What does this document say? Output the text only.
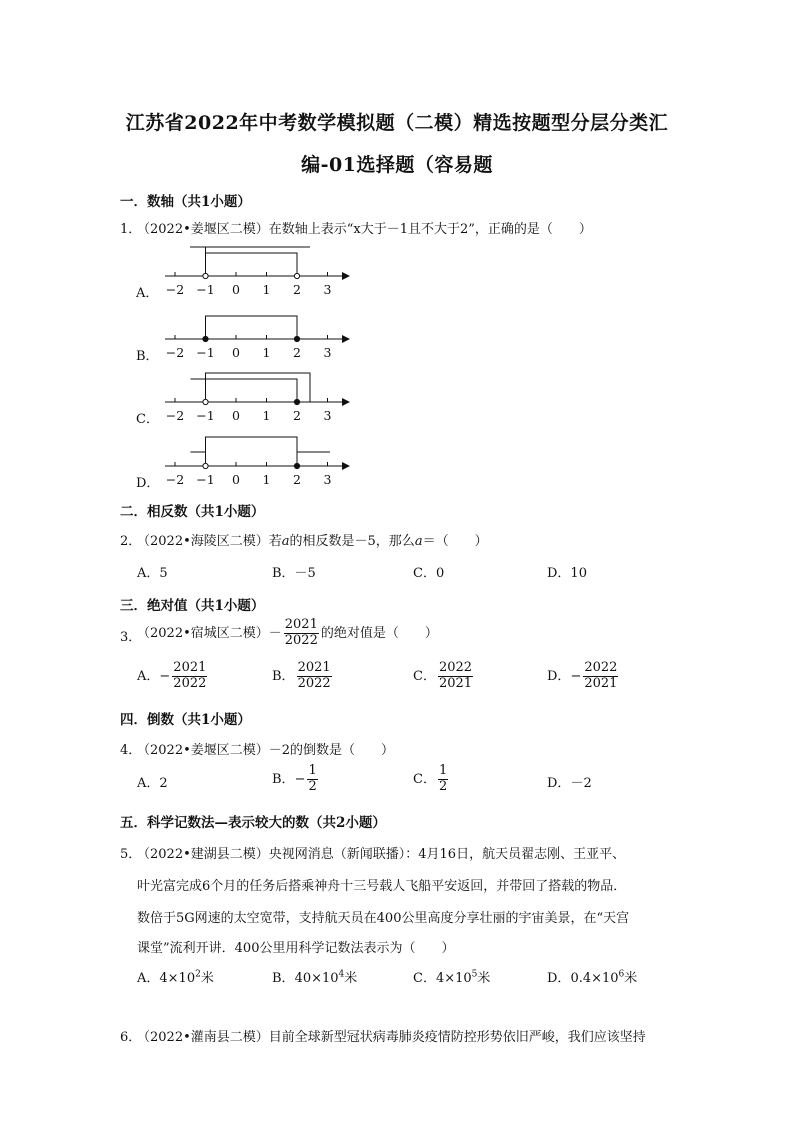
江苏省2022年中考数学模拟题（二模）精选按题型分层分类汇
编-01选择题（容易题
一．数轴（共1小题）
1．
（2022•姜堰区二模）在数轴上表示“x大于－1且不大于2”，正确的是（　　）
A． −2 −1 0 1 2 3
B． −2 −1 0 1 2 3
C． −2 −1 0 1 2 3
D． −2 −1 0 1 2 3
二．相反数（共1小题）
2．
（2022•海陵区二模）若a的相反数是－5，那么a＝（　　）
A．5	B．－5	C．0	D．10
三．绝对值（共1小题）
3．
（2022•宿城区二模）－ $\frac{2021}{2022}$ 的绝对值是（　　）
A．− $\frac{2021}{2022}$	B． $\frac{2021}{2022}$	C． $\frac{2022}{2021}$	D．− $\frac{2022}{2021}$
四．倒数（共1小题）
4．
（2022•姜堰区二模）－2的倒数是（　　）
A．2	B．− $\frac{1}{2}$	C． $\frac{1}{2}$	D．－2
五．科学记数法—表示较大的数（共2小题）
5．
（2022•建湖县二模）央视网消息（新闻联播）：4月16日，航天员翟志刚、王亚平、
叶光富完成6个月的任务后搭乘神舟十三号载人飞船平安返回，并带回了搭载的物品．
数倍于5G网速的太空宽带，支持航天员在400公里高度分享壮丽的宇宙美景，在“天宫
课堂”流利开讲．400公里用科学记数法表示为（　　）
A．$4\times 10^2$米	B．$40\times 10^4$米	C．$4\times 10^5$米	D．$0.4\times 10^6$米
6．
（2022•灌南县二模）目前全球新型冠状病毒肺炎疫情防控形势依旧严峻，我们应该坚持
